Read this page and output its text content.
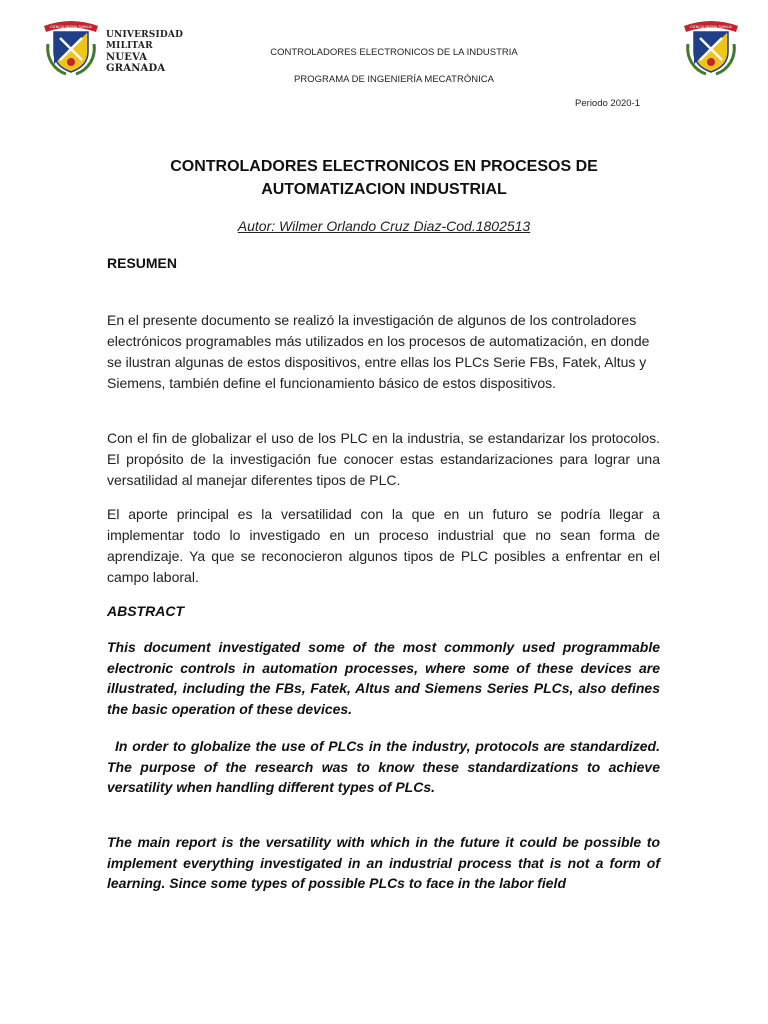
CIENCIA PATRIA FAMILIA
UNIVERSIDAD MILITAR
NUEVA GRANADA
CIENCIA PATRIA FAMILIA
CONTROLADORES ELECTRONICOS DE LA INDUSTRIA
PROGRAMA DE INGENIERÍA MECATRÓNICA
Periodo 2020-1
CONTROLADORES ELECTRONICOS EN PROCESOS DE
AUTOMATIZACION INDUSTRIAL
Autor: Wilmer Orlando Cruz Diaz-Cod.1802513
RESUMEN

En el presente documento se realizó la investigación de algunos de los controladores electrónicos programables más utilizados en los procesos de automatización, en donde se ilustran algunas de estos dispositivos, entre ellas los PLCs Serie FBs, Fatek, Altus y Siemens, también define el funcionamiento básico de estos dispositivos.

Con el fin de globalizar el uso de los PLC en la industria, se estandarizar los protocolos. El propósito de la investigación fue conocer estas estandarizaciones para lograr una versatilidad al manejar diferentes tipos de PLC.

El aporte principal es la versatilidad con la que en un futuro se podría llegar a implementar todo lo investigado en un proceso industrial que no sean forma de aprendizaje. Ya que se reconocieron algunos tipos de PLC posibles a enfrentar en el campo laboral.

ABSTRACT

This document investigated some of the most commonly used programmable electronic controls in automation processes, where some of these devices are illustrated, including the FBs, Fatek, Altus and Siemens Series PLCs, also defines the basic operation of these devices.

In order to globalize the use of PLCs in the industry, protocols are standardized. The purpose of the research was to know these standardizations to achieve versatility when handling different types of PLCs.

The main report is the versatility with which in the future it could be possible to implement everything investigated in an industrial process that is not a form of learning. Since some types of possible PLCs to face in the labor field
